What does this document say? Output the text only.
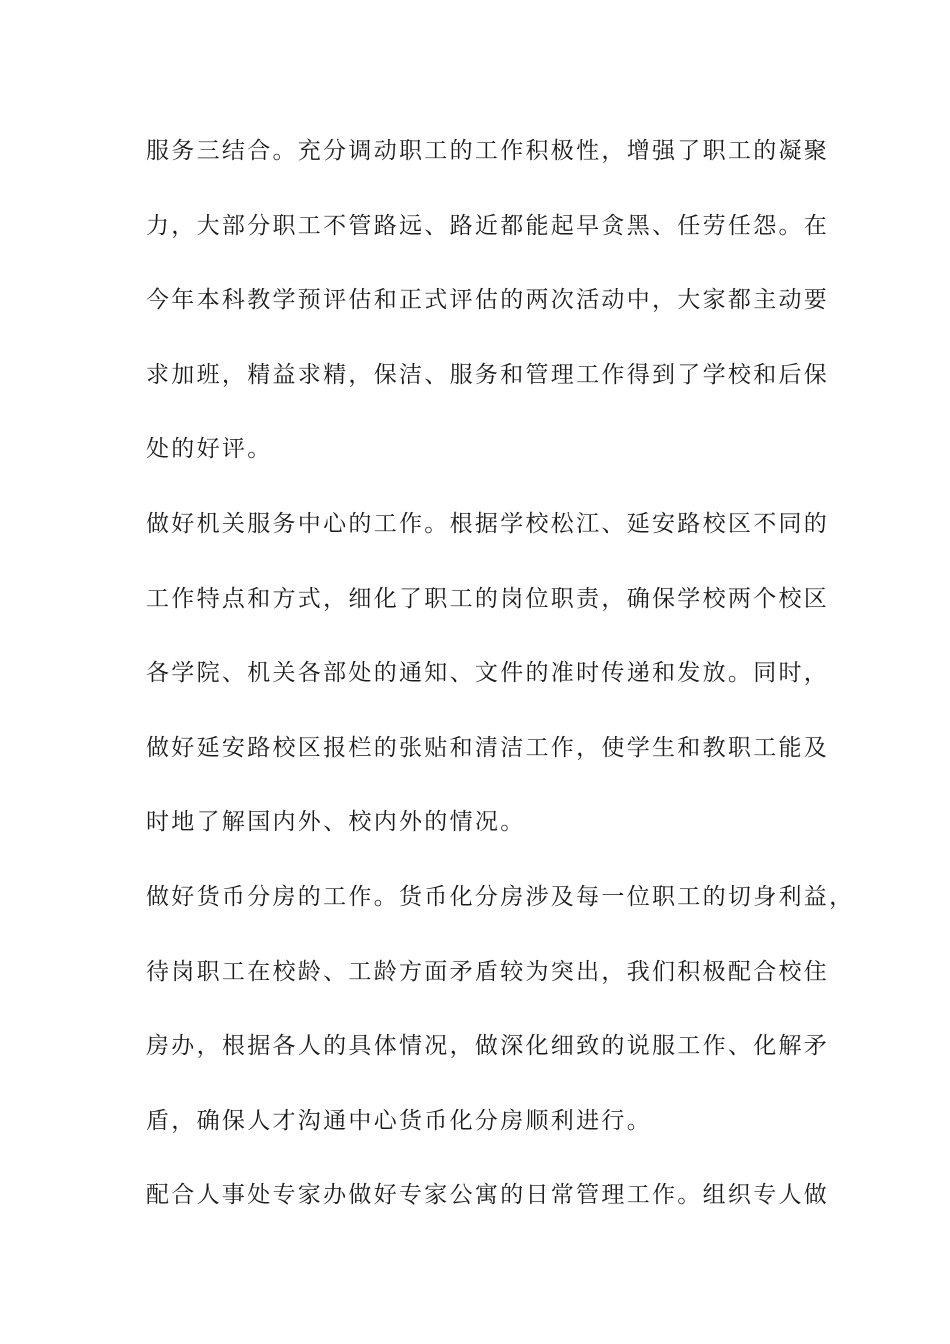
服务三结合。充分调动职工的工作积极性，增强了职工的凝聚
力，大部分职工不管路远、路近都能起早贪黑、任劳任怨。在
今年本科教学预评估和正式评估的两次活动中，大家都主动要
求加班，精益求精，保洁、服务和管理工作得到了学校和后保
处的好评。
做好机关服务中心的工作。根据学校松江、延安路校区不同的
工作特点和方式，细化了职工的岗位职责，确保学校两个校区
各学院、机关各部处的通知、文件的准时传递和发放。同时，
做好延安路校区报栏的张贴和清洁工作，使学生和教职工能及
时地了解国内外、校内外的情况。
做好货币分房的工作。货币化分房涉及每一位职工的切身利益，
待岗职工在校龄、工龄方面矛盾较为突出，我们积极配合校住
房办，根据各人的具体情况，做深化细致的说服工作、化解矛
盾，确保人才沟通中心货币化分房顺利进行。
配合人事处专家办做好专家公寓的日常管理工作。组织专人做
